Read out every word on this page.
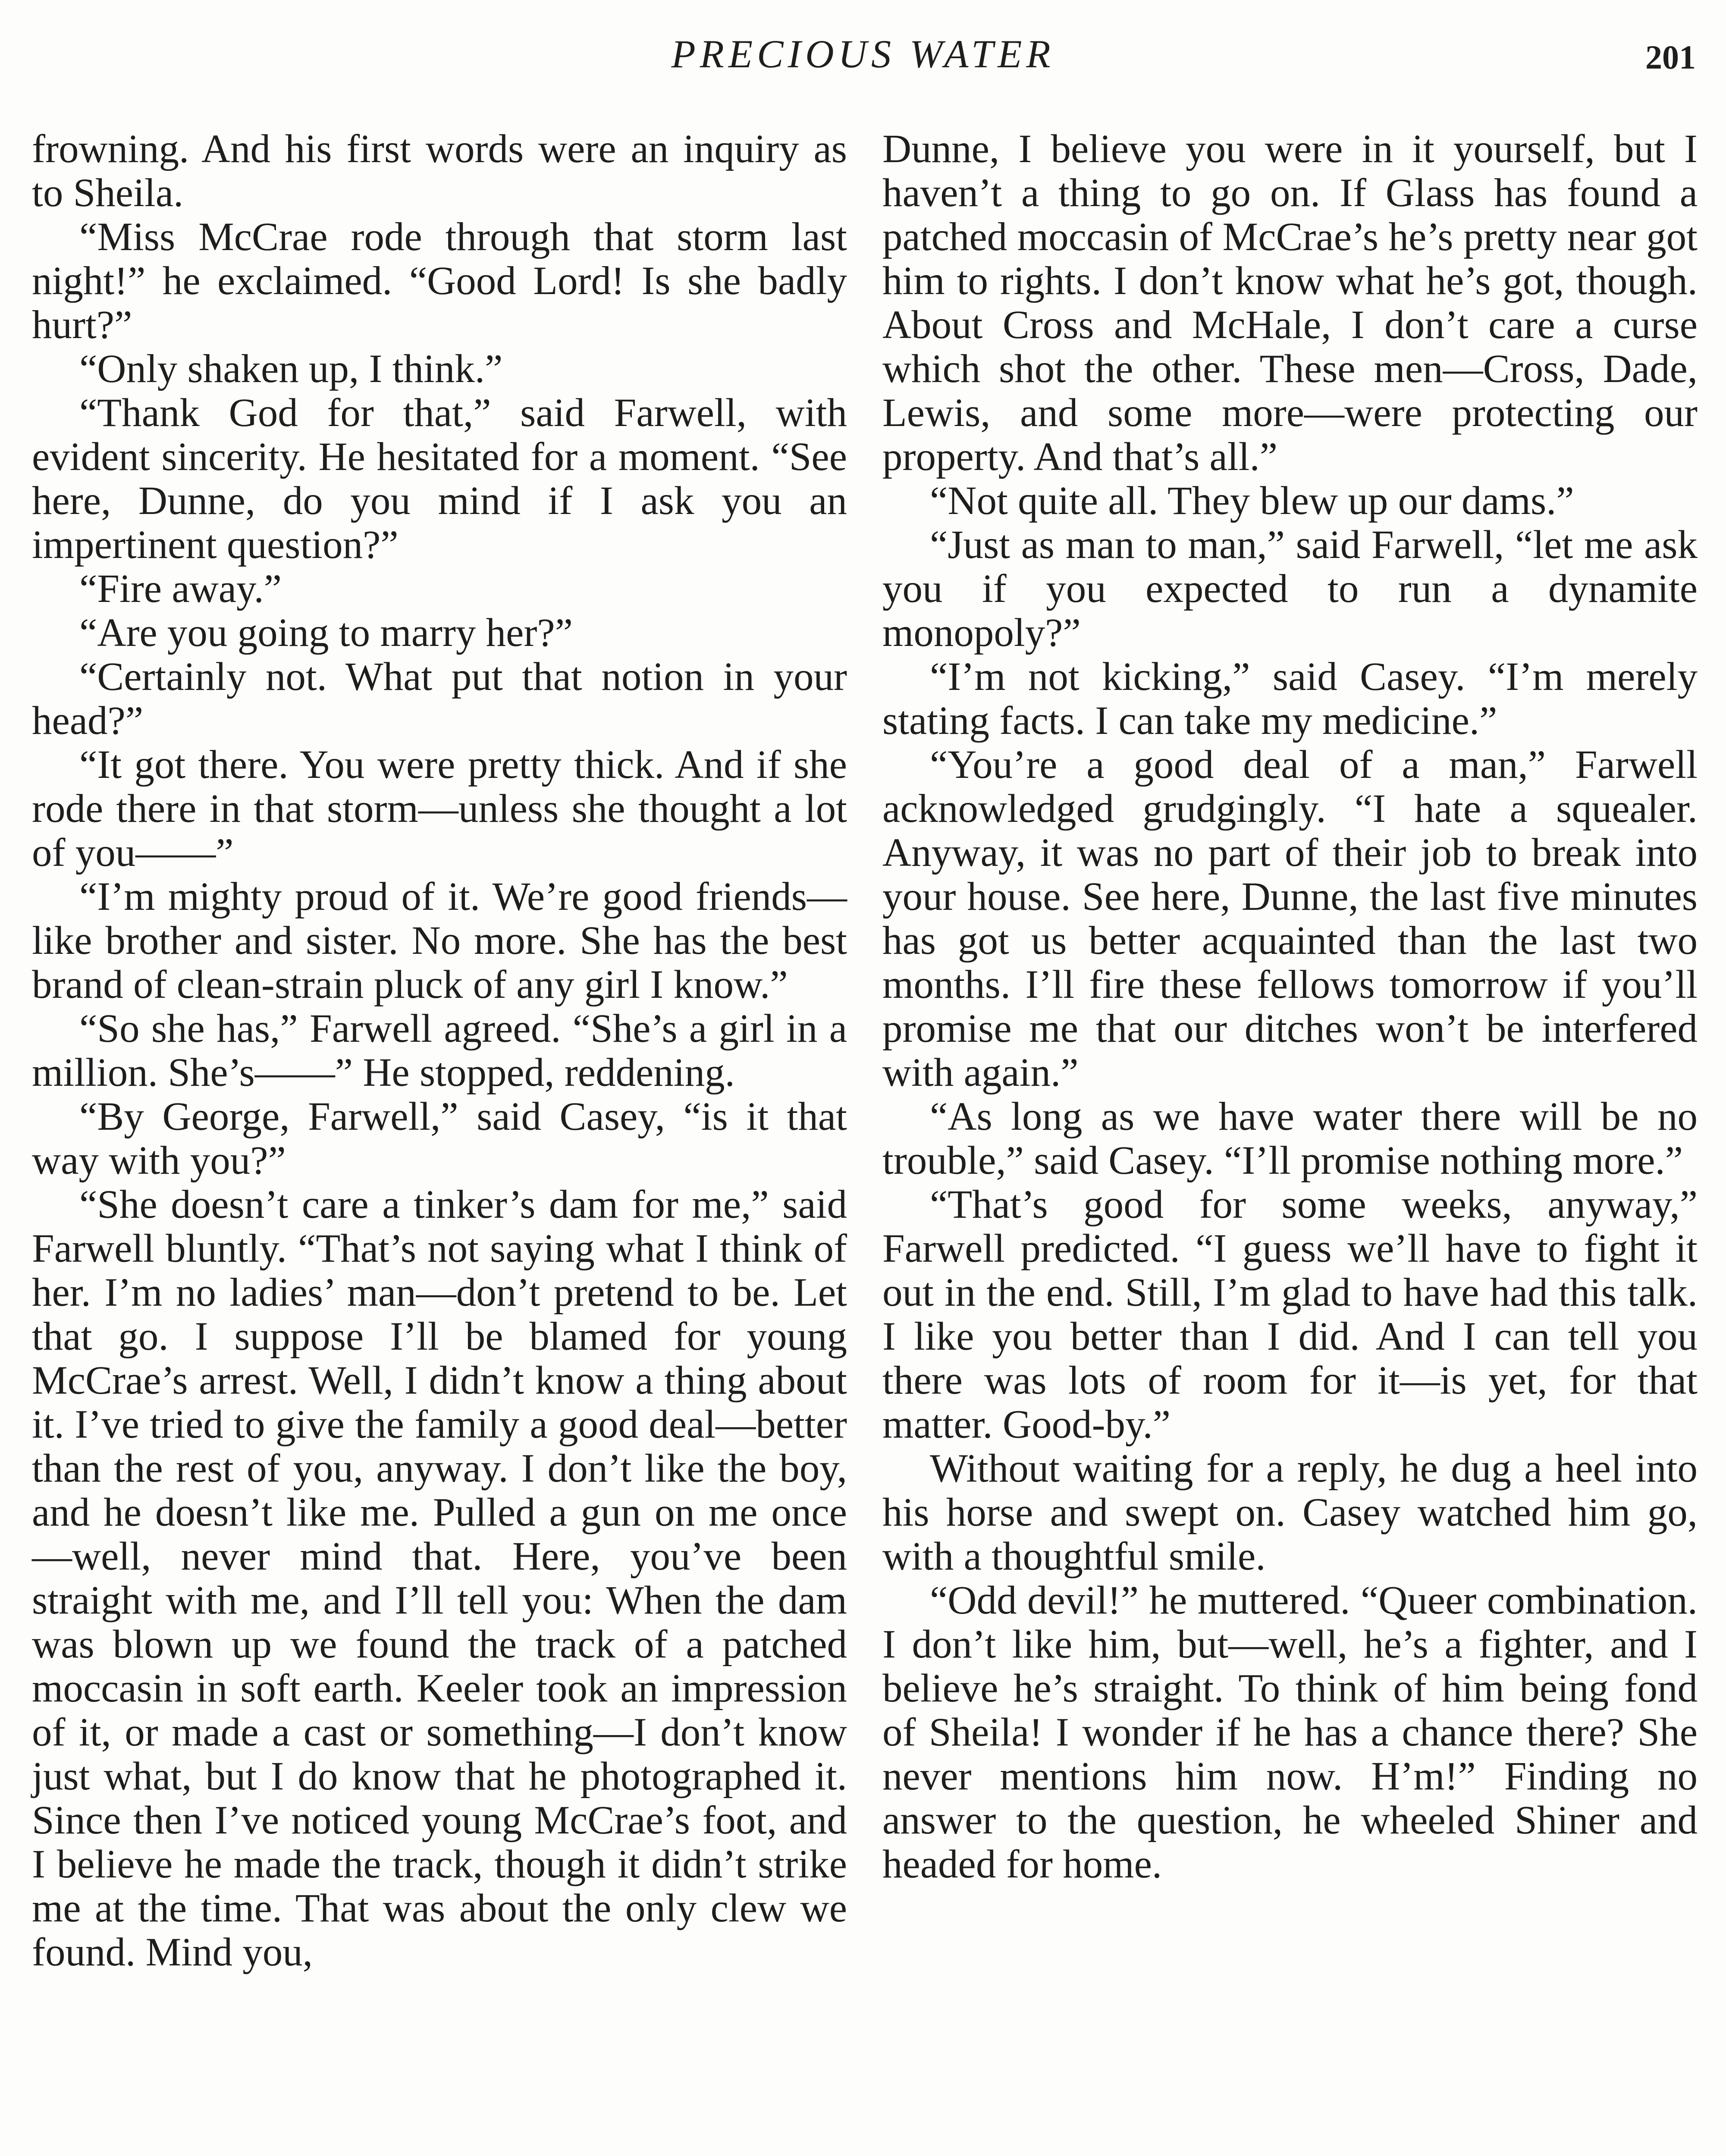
PRECIOUS WATER	201

frowning. And his first words were an inquiry as to Sheila.

“Miss McCrae rode through that storm last night!” he exclaimed. “Good Lord! Is she badly hurt?”

“Only shaken up, I think.”

“Thank God for that,” said Farwell, with evident sincerity. He hesitated for a moment. “See here, Dunne, do you mind if I ask you an impertinent question?”

“Fire away.”

“Are you going to marry her?”

“Certainly not. What put that notion in your head?”

“It got there. You were pretty thick. And if she rode there in that storm—unless she thought a lot of you——”

“I’m mighty proud of it. We’re good friends—like brother and sister. No more. She has the best brand of clean-strain pluck of any girl I know.”

“So she has,” Farwell agreed. “She’s a girl in a million. She’s——” He stopped, reddening.

“By George, Farwell,” said Casey, “is it that way with you?”

“She doesn’t care a tinker’s dam for me,” said Farwell bluntly. “That’s not saying what I think of her. I’m no ladies’ man—don’t pretend to be. Let that go. I suppose I’ll be blamed for young McCrae’s arrest. Well, I didn’t know a thing about it. I’ve tried to give the family a good deal—better than the rest of you, anyway. I don’t like the boy, and he doesn’t like me. Pulled a gun on me once—well, never mind that. Here, you’ve been straight with me, and I’ll tell you: When the dam was blown up we found the track of a patched moccasin in soft earth. Keeler took an impression of it, or made a cast or something—I don’t know just what, but I do know that he photographed it. Since then I’ve noticed young McCrae’s foot, and I believe he made the track, though it didn’t strike me at the time. That was about the only clew we found. Mind you,

Dunne, I believe you were in it yourself, but I haven’t a thing to go on. If Glass has found a patched moccasin of McCrae’s he’s pretty near got him to rights. I don’t know what he’s got, though. About Cross and McHale, I don’t care a curse which shot the other. These men—Cross, Dade, Lewis, and some more—were protecting our property. And that’s all.”

“Not quite all. They blew up our dams.”

“Just as man to man,” said Farwell, “let me ask you if you expected to run a dynamite monopoly?”

“I’m not kicking,” said Casey. “I’m merely stating facts. I can take my medicine.”

“You’re a good deal of a man,” Farwell acknowledged grudgingly. “I hate a squealer. Anyway, it was no part of their job to break into your house. See here, Dunne, the last five minutes has got us better acquainted than the last two months. I’ll fire these fellows tomorrow if you’ll promise me that our ditches won’t be interfered with again.”

“As long as we have water there will be no trouble,” said Casey. “I’ll promise nothing more.”

“That’s good for some weeks, anyway,” Farwell predicted. “I guess we’ll have to fight it out in the end. Still, I’m glad to have had this talk. I like you better than I did. And I can tell you there was lots of room for it—is yet, for that matter. Good-by.”

Without waiting for a reply, he dug a heel into his horse and swept on. Casey watched him go, with a thoughtful smile.

“Odd devil!” he muttered. “Queer combination. I don’t like him, but—well, he’s a fighter, and I believe he’s straight. To think of him being fond of Sheila! I wonder if he has a chance there? She never mentions him now. H’m!” Finding no answer to the question, he wheeled Shiner and headed for home.
